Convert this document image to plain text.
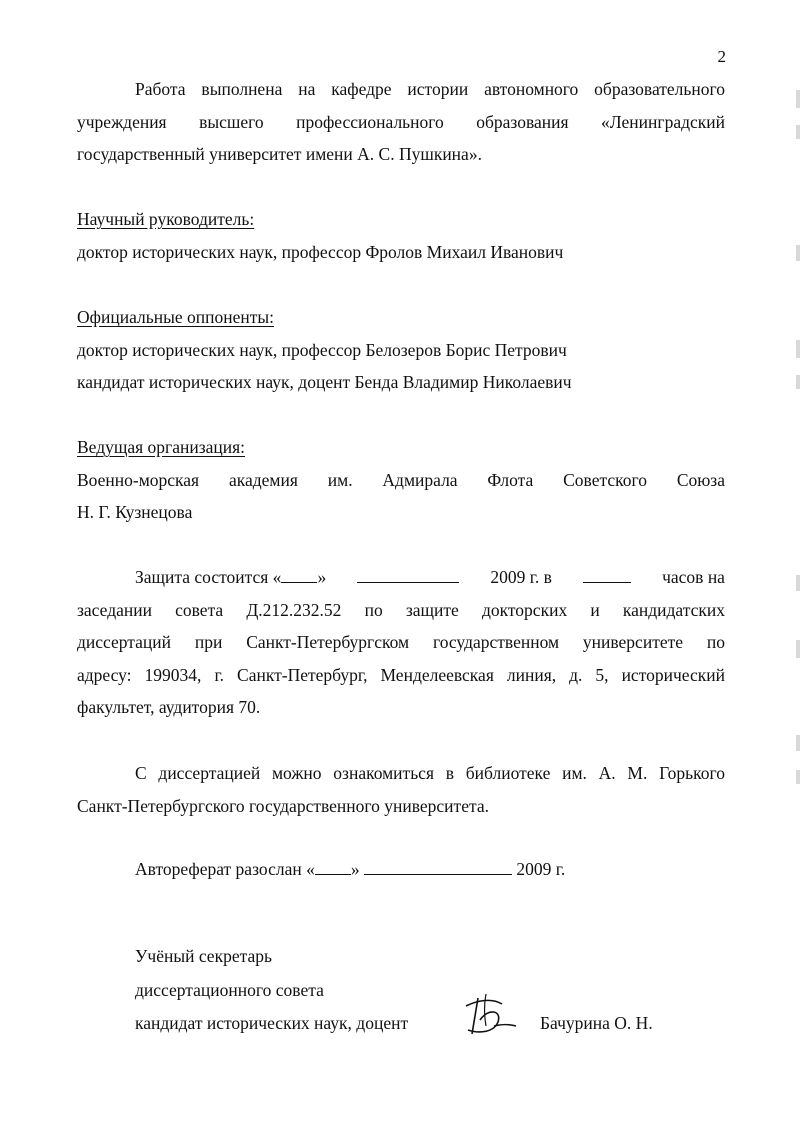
2
Работа выполнена на кафедре истории автономного образовательного
учреждения высшего профессионального образования «Ленинградский
государственный университет имени А. С. Пушкина».
Научный руководитель:
доктор исторических наук, профессор Фролов Михаил Иванович
Официальные оппоненты:
доктор исторических наук, профессор Белозеров Борис Петрович
кандидат исторических наук, доцент Бенда Владимир Николаевич
Ведущая организация:
Военно-морская академия им. Адмирала Флота Советского Союза
Н. Г. Кузнецова
Защита состоится « »	2009 г. в	часов на
заседании совета Д.212.232.52 по защите докторских и кандидатских
диссертаций при Санкт-Петербургском государственном университете по
адресу: 199034, г. Санкт-Петербург, Менделеевская линия, д. 5, исторический
факультет, аудитория 70.
С диссертацией можно ознакомиться в библиотеке им. А. М. Горького
Санкт-Петербургского государственного университета.
Автореферат разослан « »	2009 г.
Учёный секретарь
диссертационного совета
кандидат исторических наук, доцент	Бачурина О. Н.
